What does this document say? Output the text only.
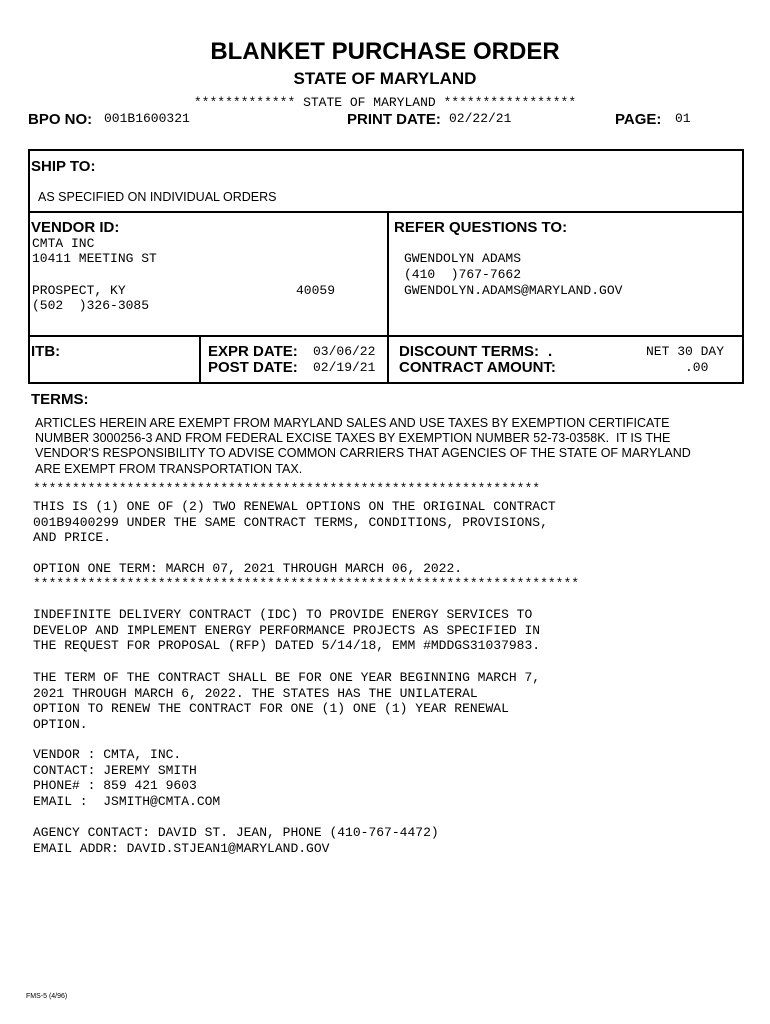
BLANKET PURCHASE ORDER
STATE OF MARYLAND
************* STATE OF MARYLAND *****************
BPO NO: 001B1600321	PRINT DATE: 02/22/21	PAGE: 01
SHIP TO:
AS SPECIFIED ON INDIVIDUAL ORDERS
VENDOR ID:
CMTA INC
10411 MEETING ST
PROSPECT, KY	40059
(502  )326-3085
REFER QUESTIONS TO:
GWENDOLYN ADAMS
(410  )767-7662
GWENDOLYN.ADAMS@MARYLAND.GOV
ITB:	EXPR DATE: 03/06/22
POST DATE: 02/19/21
DISCOUNT TERMS: .	NET 30 DAY
CONTRACT AMOUNT:	.00
TERMS:
ARTICLES HEREIN ARE EXEMPT FROM MARYLAND SALES AND USE TAXES BY EXEMPTION CERTIFICATE
NUMBER 3000256-3 AND FROM FEDERAL EXCISE TAXES BY EXEMPTION NUMBER 52-73-0358K.  IT IS THE
VENDOR'S RESPONSIBILITY TO ADVISE COMMON CARRIERS THAT AGENCIES OF THE STATE OF MARYLAND
ARE EXEMPT FROM TRANSPORTATION TAX.
*****************************************************************
THIS IS (1) ONE OF (2) TWO RENEWAL OPTIONS ON THE ORIGINAL CONTRACT
001B9400299 UNDER THE SAME CONTRACT TERMS, CONDITIONS, PROVISIONS,
AND PRICE.
OPTION ONE TERM: MARCH 07, 2021 THROUGH MARCH 06, 2022.
**********************************************************************
INDEFINITE DELIVERY CONTRACT (IDC) TO PROVIDE ENERGY SERVICES TO
DEVELOP AND IMPLEMENT ENERGY PERFORMANCE PROJECTS AS SPECIFIED IN
THE REQUEST FOR PROPOSAL (RFP) DATED 5/14/18, EMM #MDDGS31037983.
THE TERM OF THE CONTRACT SHALL BE FOR ONE YEAR BEGINNING MARCH 7,
2021 THROUGH MARCH 6, 2022. THE STATES HAS THE UNILATERAL
OPTION TO RENEW THE CONTRACT FOR ONE (1) ONE (1) YEAR RENEWAL
OPTION.
VENDOR : CMTA, INC.
CONTACT: JEREMY SMITH
PHONE# : 859 421 9603
EMAIL :  JSMITH@CMTA.COM
AGENCY CONTACT: DAVID ST. JEAN, PHONE (410-767-4472)
EMAIL ADDR: DAVID.STJEAN1@MARYLAND.GOV
FMS-5 (4/96)
